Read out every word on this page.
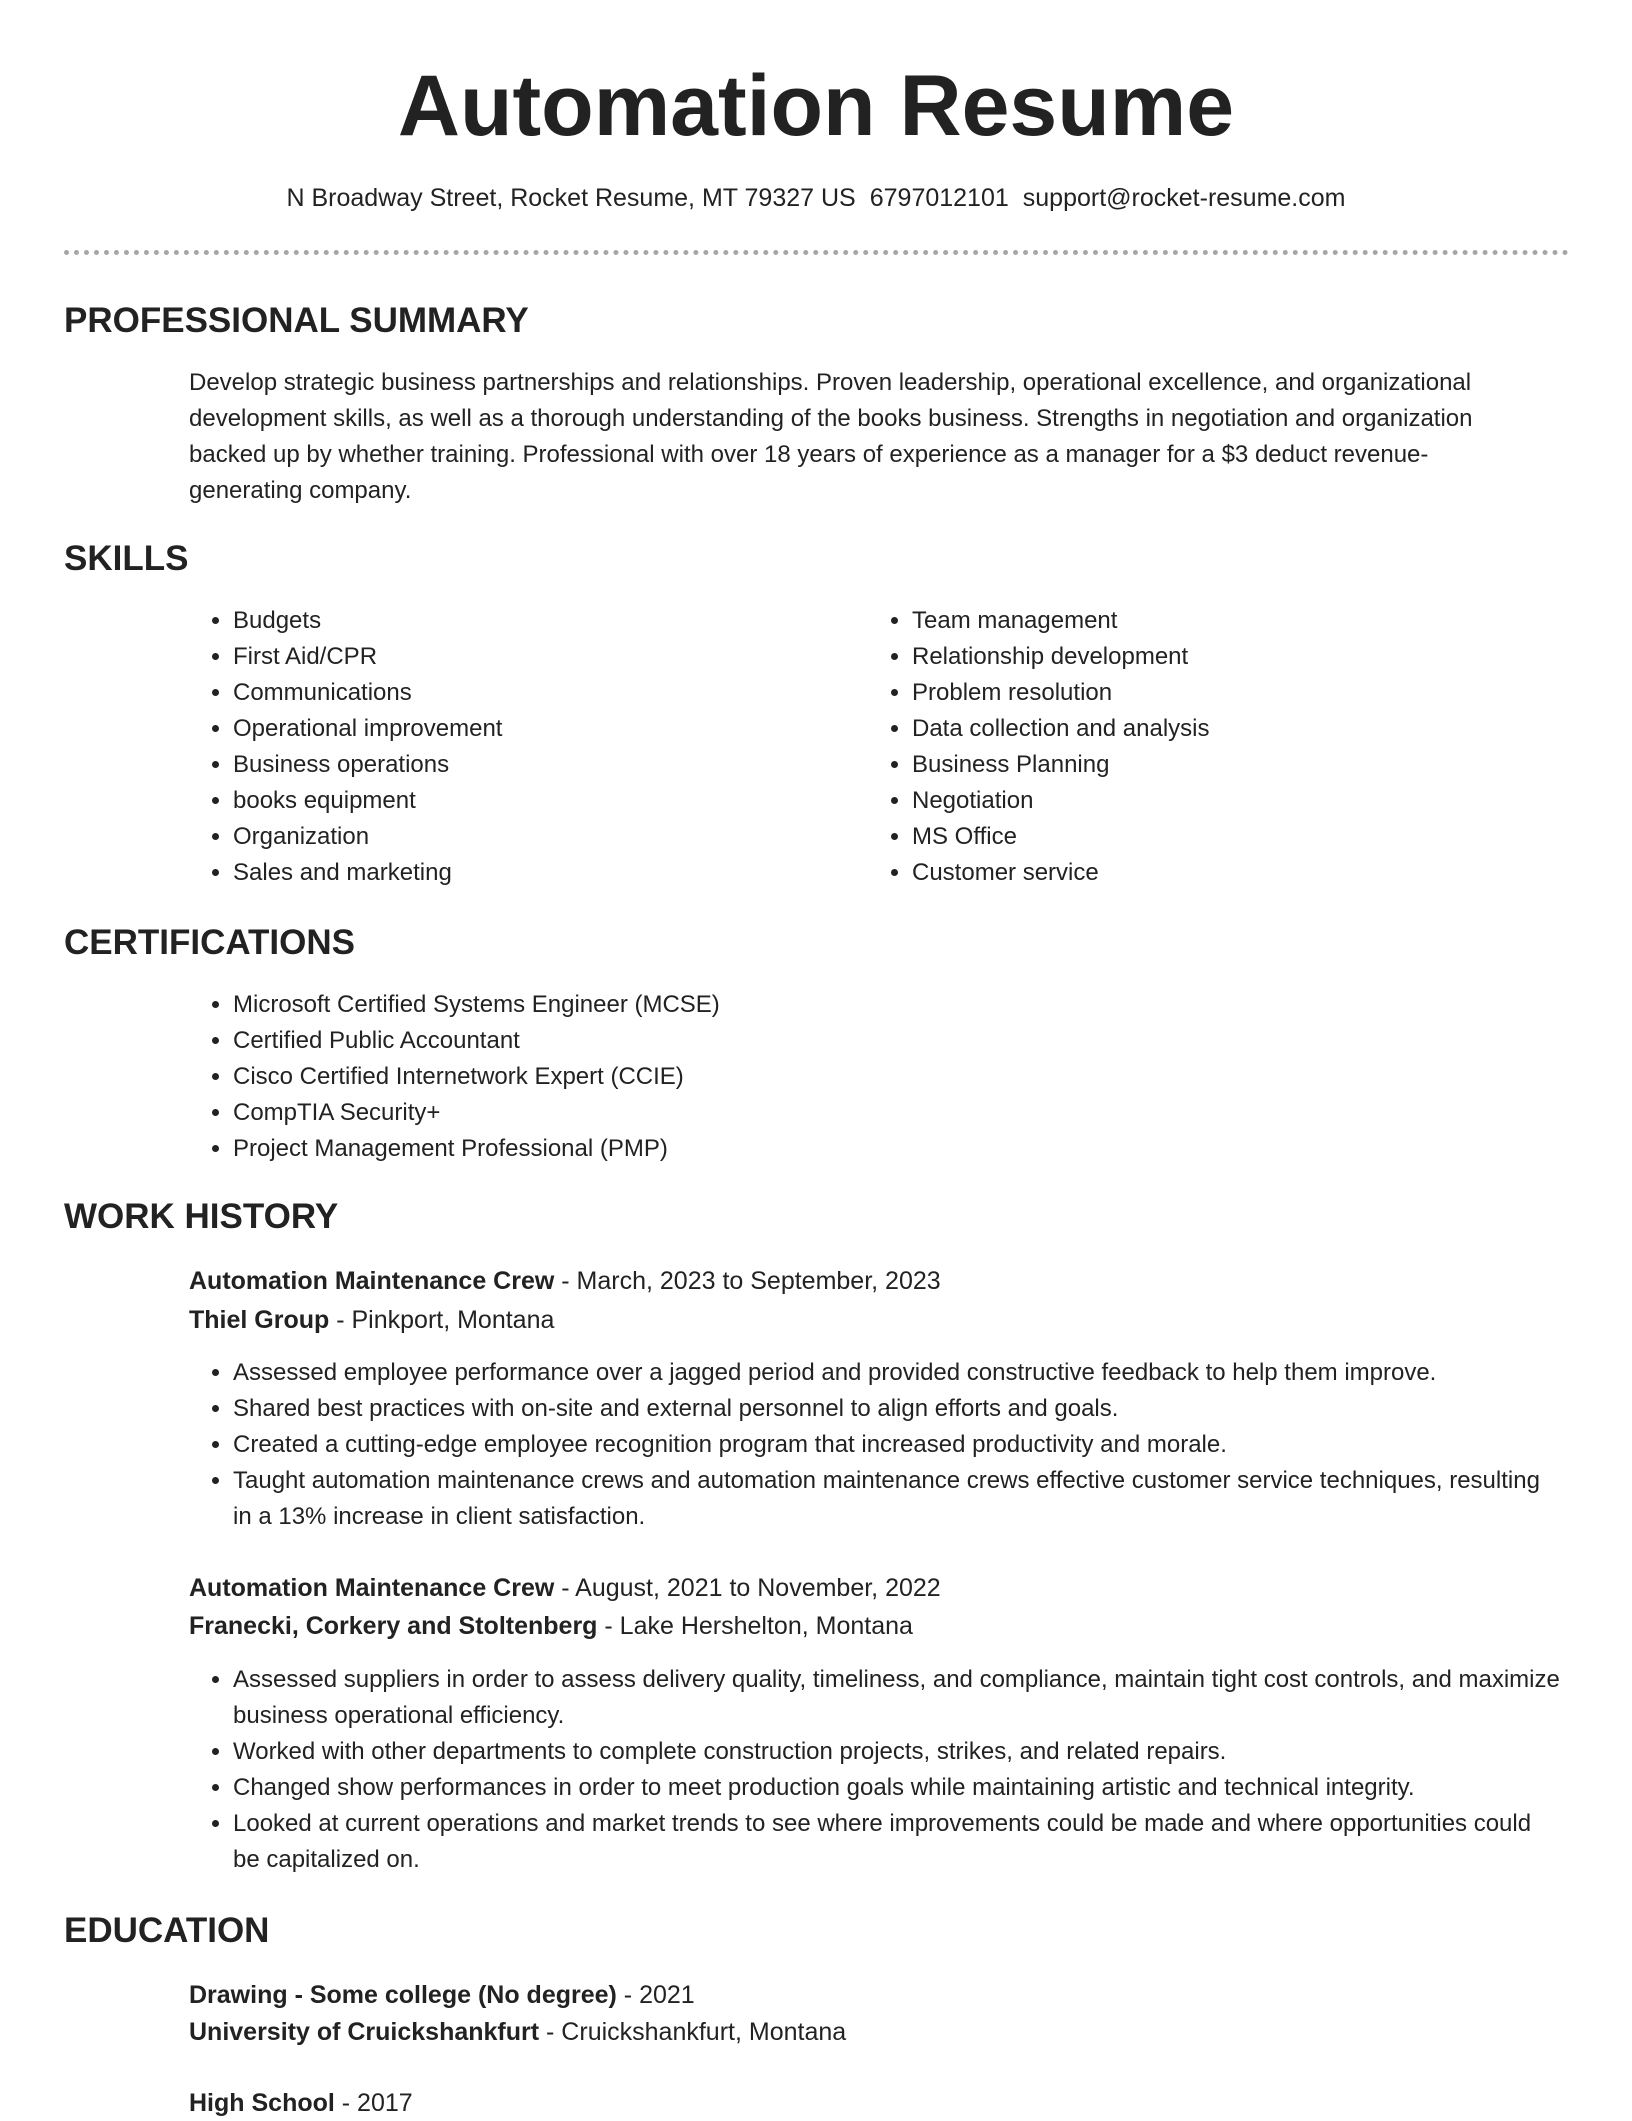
Automation Resume
N Broadway Street, Rocket Resume, MT 79327 US 6797012101 support@rocket-resume.com
PROFESSIONAL SUMMARY

Develop strategic business partnerships and relationships. Proven leadership, operational excellence, and organizational development skills, as well as a thorough understanding of the books business. Strengths in negotiation and organization backed up by whether training. Professional with over 18 years of experience as a manager for a $3 deduct revenue-generating company.

SKILLS
• Budgets
• First Aid/CPR
• Communications
• Operational improvement
• Business operations
• books equipment
• Organization
• Sales and marketing
• Team management
• Relationship development
• Problem resolution
• Data collection and analysis
• Business Planning
• Negotiation
• MS Office
• Customer service
CERTIFICATIONS
• Microsoft Certified Systems Engineer (MCSE)
• Certified Public Accountant
• Cisco Certified Internetwork Expert (CCIE)
• CompTIA Security+
• Project Management Professional (PMP)
WORK HISTORY
Automation Maintenance Crew - March, 2023 to September, 2023
Thiel Group - Pinkport, Montana
• Assessed employee performance over a jagged period and provided constructive feedback to help them improve.
• Shared best practices with on-site and external personnel to align efforts and goals.
• Created a cutting-edge employee recognition program that increased productivity and morale.
• Taught automation maintenance crews and automation maintenance crews effective customer service techniques, resulting in a 13% increase in client satisfaction.
Automation Maintenance Crew - August, 2021 to November, 2022
Franecki, Corkery and Stoltenberg - Lake Hershelton, Montana
• Assessed suppliers in order to assess delivery quality, timeliness, and compliance, maintain tight cost controls, and maximize business operational efficiency.
• Worked with other departments to complete construction projects, strikes, and related repairs.
• Changed show performances in order to meet production goals while maintaining artistic and technical integrity.
• Looked at current operations and market trends to see where improvements could be made and where opportunities could be capitalized on.
EDUCATION
Drawing - Some college (No degree) - 2021
University of Cruickshankfurt - Cruickshankfurt, Montana
High School - 2017
